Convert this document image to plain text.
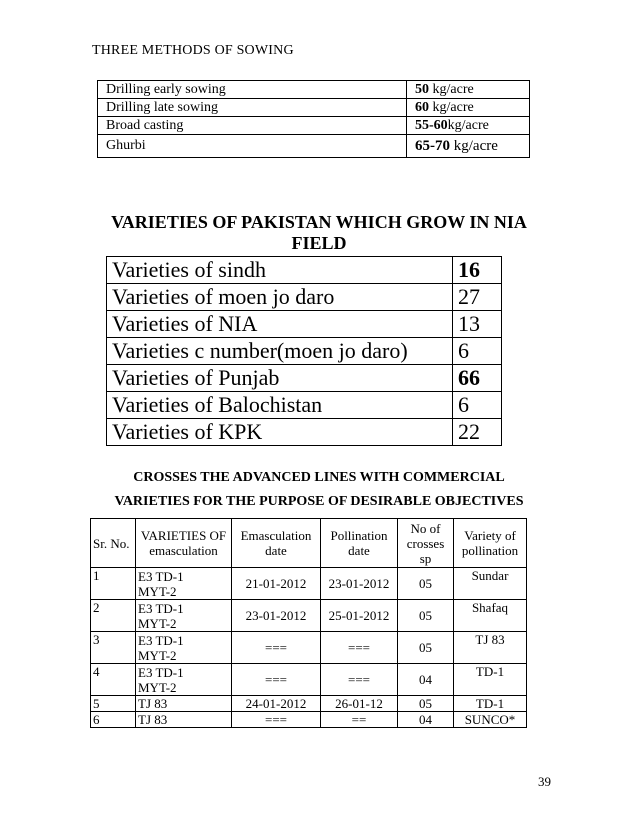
THREE METHODS OF SOWING
Drilling early sowing	50 kg/acre
Drilling late sowing	60 kg/acre
Broad casting	55-60kg/acre
Ghurbi	65-70 kg/acre
VARIETIES OF PAKISTAN WHICH GROW IN NIA FIELD
Varieties of sindh	16
Varieties of moen jo daro	27
Varieties of NIA	13
Varieties c number(moen jo daro)	6
Varieties of Punjab	66
Varieties of Balochistan	6
Varieties of KPK	22
CROSSES THE ADVANCED LINES WITH COMMERCIAL
VARIETIES FOR THE PURPOSE OF DESIRABLE OBJECTIVES
Sr. No.	VARIETIES OF emasculation	Emasculation date	Pollination date	No of crosses sp	Variety of pollination
1	E3 TD-1
MYT-2	21-01-2012	23-01-2012	05	Sundar
2	E3 TD-1
MYT-2	23-01-2012	25-01-2012	05	Shafaq
3	E3 TD-1
MYT-2	===	===	05	TJ 83
4	E3 TD-1
MYT-2	===	===	04	TD-1
5	TJ 83	24-01-2012	26-01-12	05	TD-1
6	TJ 83	===	==	04	SUNCO*
39
